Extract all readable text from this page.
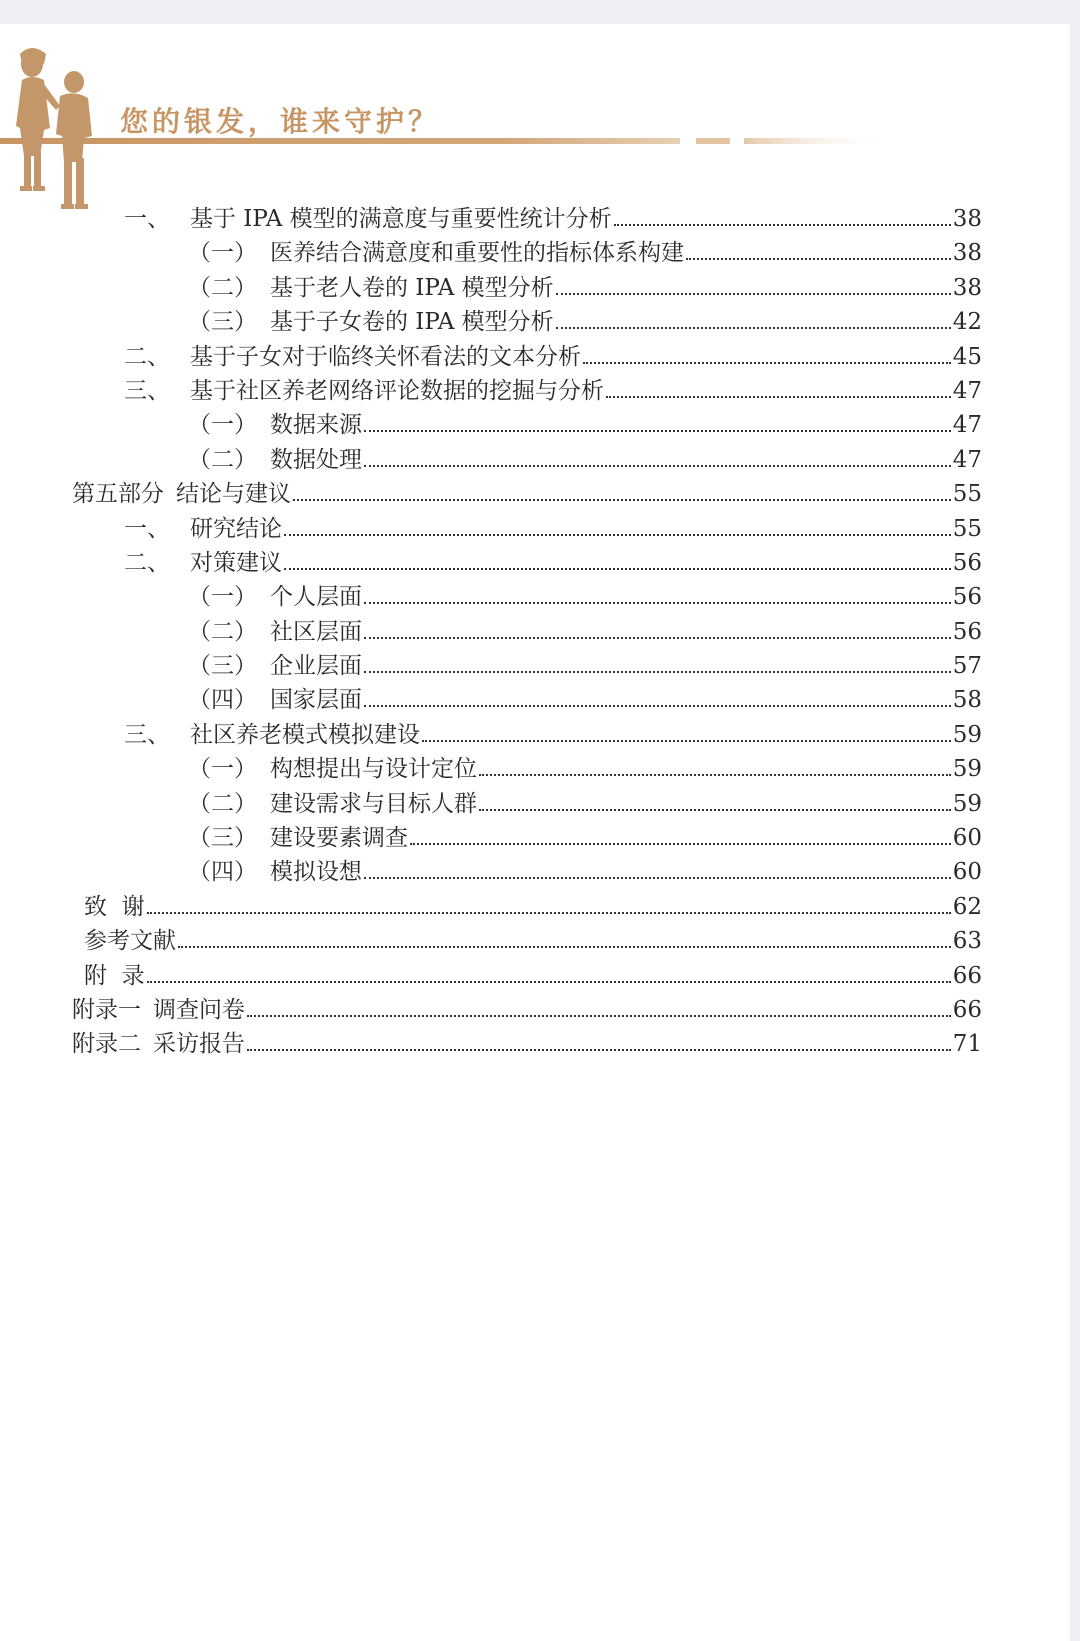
您的银发，谁来守护？
一、 基于 IPA 模型的满意度与重要性统计分析	38
（一） 医养结合满意度和重要性的指标体系构建	38
（二） 基于老人卷的 IPA 模型分析	38
（三） 基于子女卷的 IPA 模型分析	42
二、 基于子女对于临终关怀看法的文本分析	45
三、 基于社区养老网络评论数据的挖掘与分析	47
（一） 数据来源	47
（二） 数据处理	47
第五部分 结论与建议	55
一、 研究结论	55
二、 对策建议	56
（一） 个人层面	56
（二） 社区层面	56
（三） 企业层面	57
（四） 国家层面	58
三、 社区养老模式模拟建设	59
（一） 构想提出与设计定位	59
（二） 建设需求与目标人群	59
（三） 建设要素调查	60
（四） 模拟设想	60
致  谢	62
参考文献	63
附  录	66
附录一 调查问卷	66
附录二 采访报告	71
